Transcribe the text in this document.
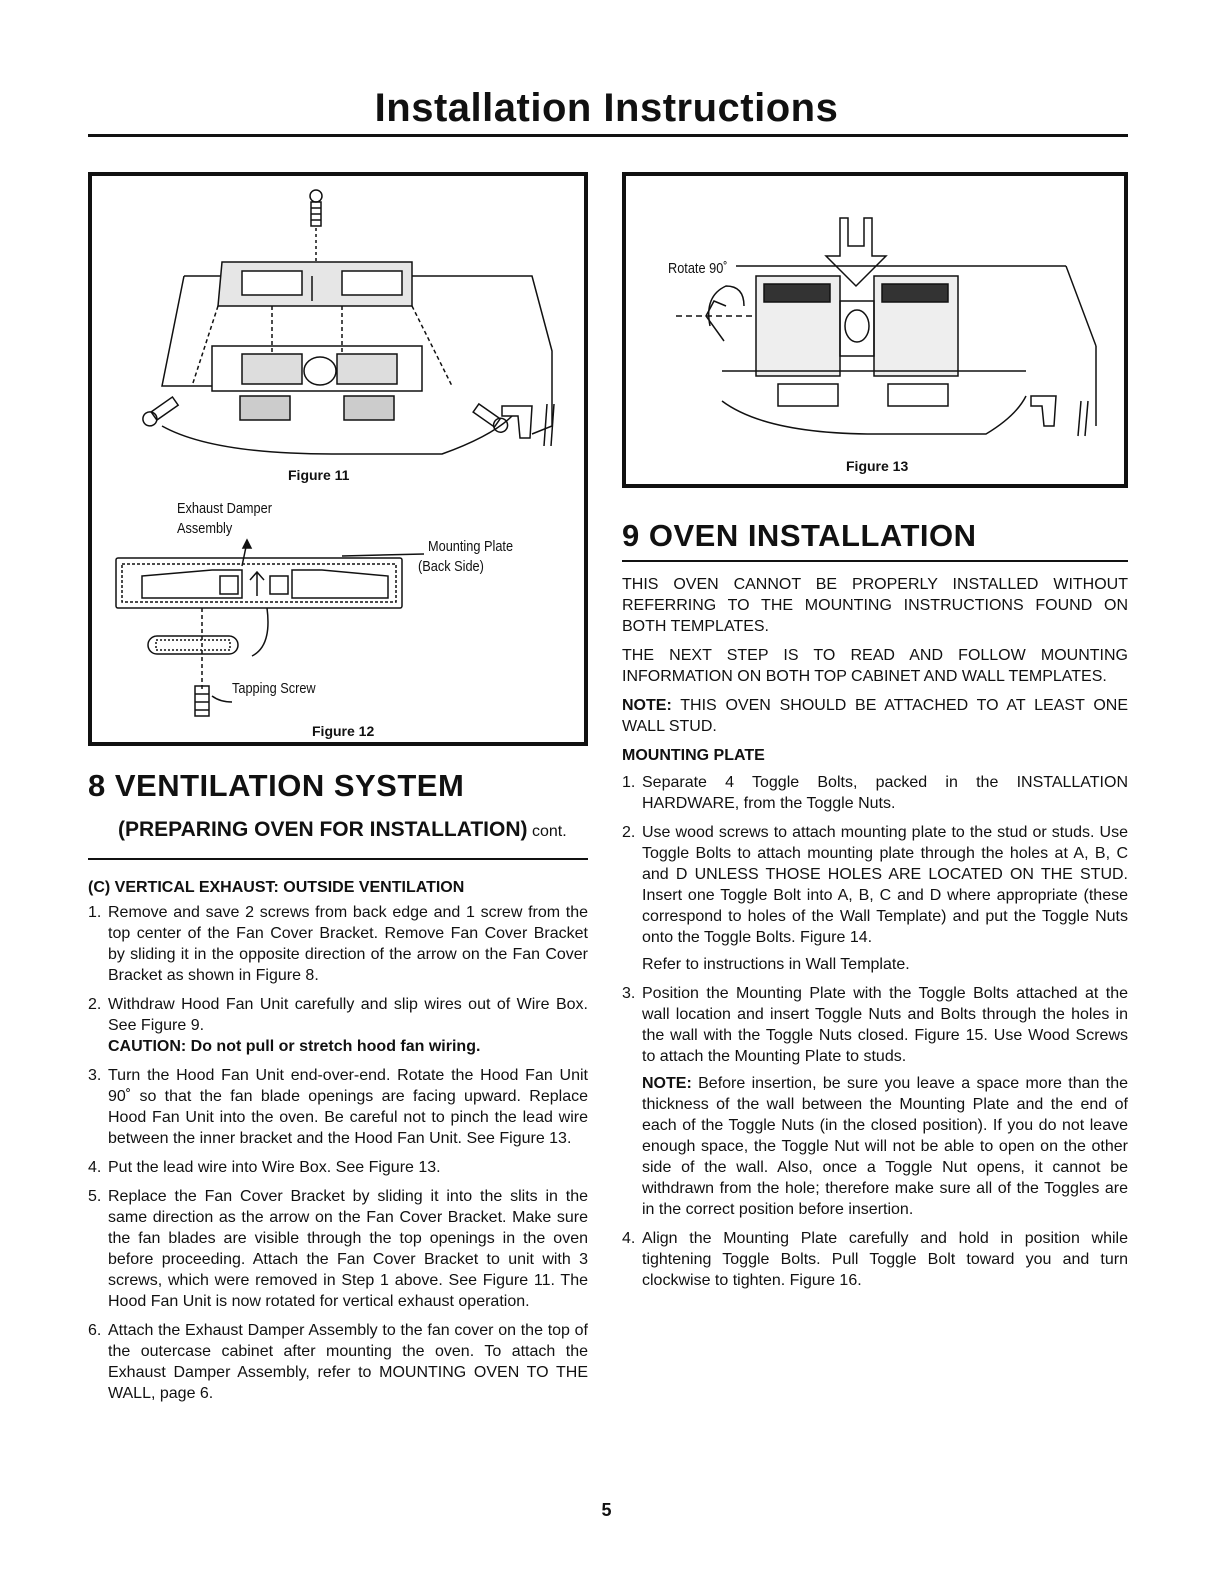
Installation Instructions
Figure 11
Exhaust Damper
Assembly
Mounting Plate
(Back Side)
Tapping Screw
Figure 12
Rotate 90˚
Figure 13
8 VENTILATION SYSTEM
(PREPARING OVEN FOR INSTALLATION) cont.
(C) VERTICAL EXHAUST: OUTSIDE VENTILATION
1. Remove and save 2 screws from back edge and 1 screw from the top center of the Fan Cover Bracket. Remove Fan Cover Bracket by sliding it in the opposite direction of the arrow on the Fan Cover Bracket as shown in Figure 8.
2. Withdraw Hood Fan Unit carefully and slip wires out of Wire Box. See Figure 9.
CAUTION: Do not pull or stretch hood fan wiring.
3. Turn the Hood Fan Unit end-over-end. Rotate the Hood Fan Unit 90˚ so that the fan blade openings are facing upward. Replace Hood Fan Unit into the oven. Be careful not to pinch the lead wire between the inner bracket and the Hood Fan Unit. See Figure 13.
4. Put the lead wire into Wire Box. See Figure 13.
5. Replace the Fan Cover Bracket by sliding it into the slits in the same direction as the arrow on the Fan Cover Bracket. Make sure the fan blades are visible through the top openings in the oven before proceeding. Attach the Fan Cover Bracket to unit with 3 screws, which were removed in Step 1 above. See Figure 11. The Hood Fan Unit is now rotated for vertical exhaust operation.
6. Attach the Exhaust Damper Assembly to the fan cover on the top of the outercase cabinet after mounting the oven. To attach the Exhaust Damper Assembly, refer to MOUNTING OVEN TO THE WALL, page 6.
9 OVEN INSTALLATION

THIS OVEN CANNOT BE PROPERLY INSTALLED WITHOUT REFERRING TO THE MOUNTING INSTRUCTIONS FOUND ON BOTH TEMPLATES.

THE NEXT STEP IS TO READ AND FOLLOW MOUNTING INFORMATION ON BOTH TOP CABINET AND WALL TEMPLATES.

NOTE: THIS OVEN SHOULD BE ATTACHED TO AT LEAST ONE WALL STUD.

MOUNTING PLATE
1. Separate 4 Toggle Bolts, packed in the INSTALLATION HARDWARE, from the Toggle Nuts.
2. Use wood screws to attach mounting plate to the stud or studs. Use Toggle Bolts to attach mounting plate through the holes at A, B, C and D UNLESS THOSE HOLES ARE LOCATED ON THE STUD. Insert one Toggle Bolt into A, B, C and D where appropriate (these correspond to holes of the Wall Template) and put the Toggle Nuts onto the Toggle Bolts. Figure 14.

Refer to instructions in Wall Template.

3. Position the Mounting Plate with the Toggle Bolts attached at the wall location and insert Toggle Nuts and Bolts through the holes in the wall with the Toggle Nuts closed. Figure 15. Use Wood Screws to attach the Mounting Plate to studs.

NOTE: Before insertion, be sure you leave a space more than the thickness of the wall between the Mounting Plate and the end of each of the Toggle Nuts (in the closed position). If you do not leave enough space, the Toggle Nut will not be able to open on the other side of the wall. Also, once a Toggle Nut opens, it cannot be withdrawn from the hole; therefore make sure all of the Toggles are in the correct position before insertion.

4. Align the Mounting Plate carefully and hold in position while tightening Toggle Bolts. Pull Toggle Bolt toward you and turn clockwise to tighten. Figure 16.
5
